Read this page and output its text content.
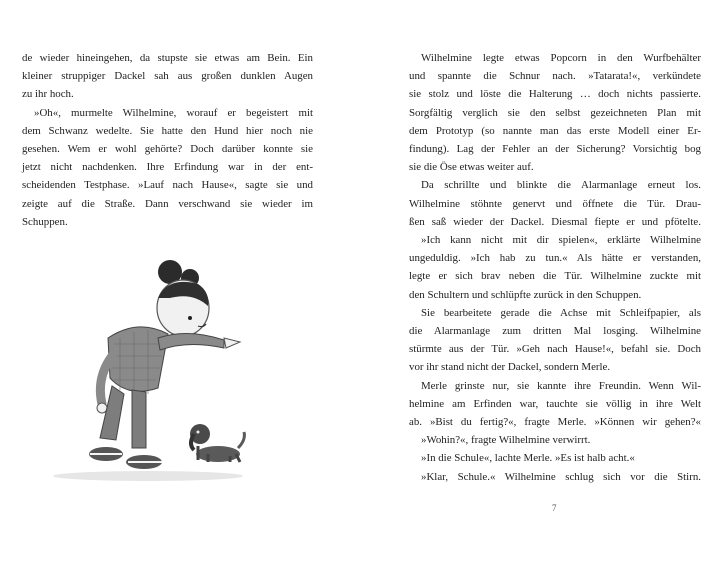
de wieder hineingehen, da stupste sie etwas am Bein. Ein
kleiner struppiger Dackel sah aus großen dunklen Augen
zu ihr hoch.
»Oh«, murmelte Wilhelmine, worauf er begeistert mit
dem Schwanz wedelte. Sie hatte den Hund hier noch nie
gesehen. Wem er wohl gehörte? Doch darüber konnte sie
jetzt nicht nachdenken. Ihre Erfindung war in der ent-
scheidenden Testphase. »Lauf nach Hause«, sagte sie und
zeigte auf die Straße. Dann verschwand sie wieder im
Schuppen.
Wilhelmine legte etwas Popcorn in den Wurfbehälter
und spannte die Schnur nach. »Tatarata!«, verkündete
sie stolz und löste die Halterung … doch nichts passierte.
Sorgfältig verglich sie den selbst gezeichneten Plan mit
dem Prototyp (so nannte man das erste Modell einer Er-
findung). Lag der Fehler an der Sicherung? Vorsichtig bog
sie die Öse etwas weiter auf.
Da schrillte und blinkte die Alarmanlage erneut los.
Wilhelmine stöhnte genervt und öffnete die Tür. Drau-
ßen saß wieder der Dackel. Diesmal fiepte er und pfötelte.
»Ich kann nicht mit dir spielen«, erklärte Wilhelmine
ungeduldig. »Ich hab zu tun.« Als hätte er verstanden,
legte er sich brav neben die Tür. Wilhelmine zuckte mit
den Schultern und schlüpfte zurück in den Schuppen.
Sie bearbeitete gerade die Achse mit Schleifpapier, als
die Alarmanlage zum dritten Mal losging. Wilhelmine
stürmte aus der Tür. »Geh nach Hause!«, befahl sie. Doch
vor ihr stand nicht der Dackel, sondern Merle.
Merle grinste nur, sie kannte ihre Freundin. Wenn Wil-
helmine am Erfinden war, tauchte sie völlig in ihre Welt
ab. »Bist du fertig?«, fragte Merle. »Können wir gehen?«
»Wohin?«, fragte Wilhelmine verwirrt.
»In die Schule«, lachte Merle. »Es ist halb acht.«
»Klar, Schule.« Wilhelmine schlug sich vor die Stirn.
7
